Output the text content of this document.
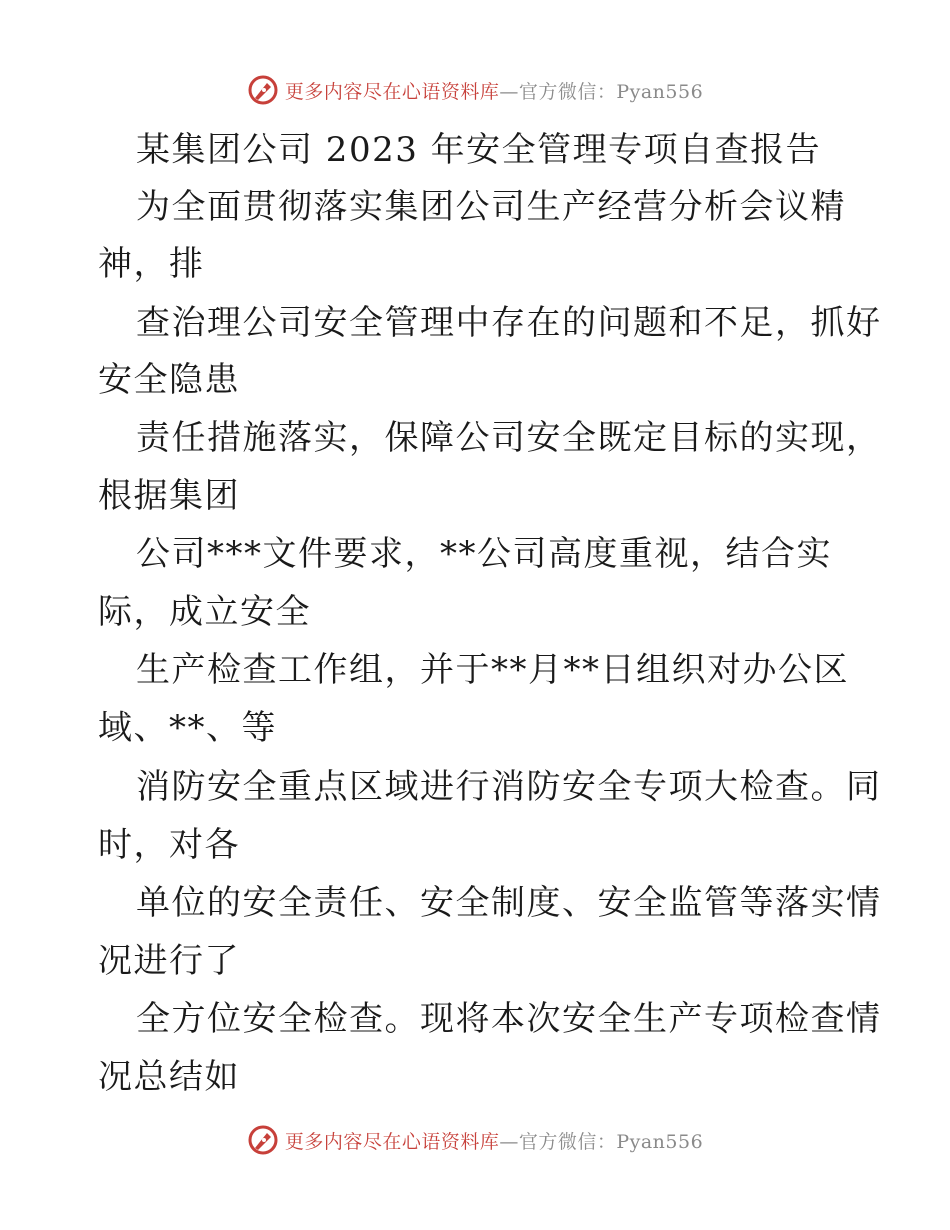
更多内容尽在心语资料库—官方微信：Pyan556

某集团公司 2023 年安全管理专项自查报告

为全面贯彻落实集团公司生产经营分析会议精

神，排

查治理公司安全管理中存在的问题和不足，抓好

安全隐患

责任措施落实，保障公司安全既定目标的实现，

根据集团

公司***文件要求，**公司高度重视，结合实

际，成立安全

生产检查工作组，并于**月**日组织对办公区

域、**、等

消防安全重点区域进行消防安全专项大检查。同

时，对各

单位的安全责任、安全制度、安全监管等落实情

况进行了

全方位安全检查。现将本次安全生产专项检查情

况总结如

更多内容尽在心语资料库—官方微信：Pyan556
